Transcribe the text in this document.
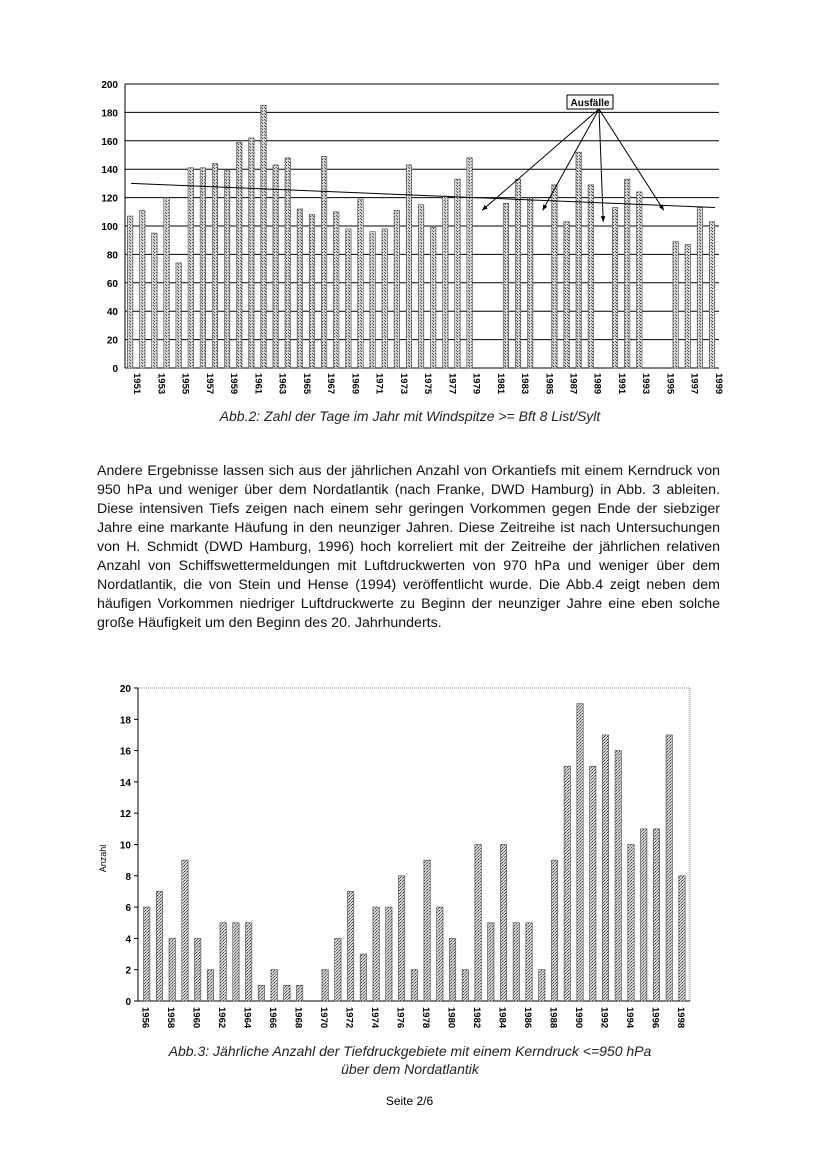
0
20
40
60
80
100
120
140
160
180
200
1951 1953 1955 1957 1959 1961 1963 1965 1967 1969 1971 1973 1975 1977 1979 1981 1983 1985 1987 1989 1991 1993 1995 1997 1999
Ausfälle
Abb.2: Zahl der Tage im Jahr mit Windspitze >= Bft 8 List/Sylt

Andere Ergebnisse lassen sich aus der jährlichen Anzahl von Orkantiefs mit einem Kerndruck von 950 hPa und weniger über dem Nordatlantik (nach Franke, DWD Hamburg) in Abb. 3 ableiten. Diese intensiven Tiefs zeigen nach einem sehr geringen Vorkommen gegen Ende der siebziger Jahre eine markante Häufung in den neunziger Jahren. Diese Zeitreihe ist nach Untersuchungen von H. Schmidt (DWD Hamburg, 1996) hoch korreliert mit der Zeitreihe der jährlichen relativen Anzahl von Schiffswettermeldungen mit Luftdruckwerten von 970 hPa und weniger über dem Nordatlantik, die von Stein und Hense (1994) veröffentlicht wurde. Die Abb.4 zeigt neben dem häufigen Vorkommen niedriger Luftdruckwerte zu Beginn der neunziger Jahre eine eben solche große Häufigkeit um den Beginn des 20. Jahrhunderts.

0
2
4
6
8
10
12
14
16
18
20
Anzahl
1956 1958 1960 1962 1964 1966 1968 1970 1972 1974 1976 1978 1980 1982 1984 1986 1988 1990 1992 1994 1996 1998
Abb.3: Jährliche Anzahl der Tiefdruckgebiete mit einem Kerndruck <=950 hPa
über dem Nordatlantik
Seite 2/6
